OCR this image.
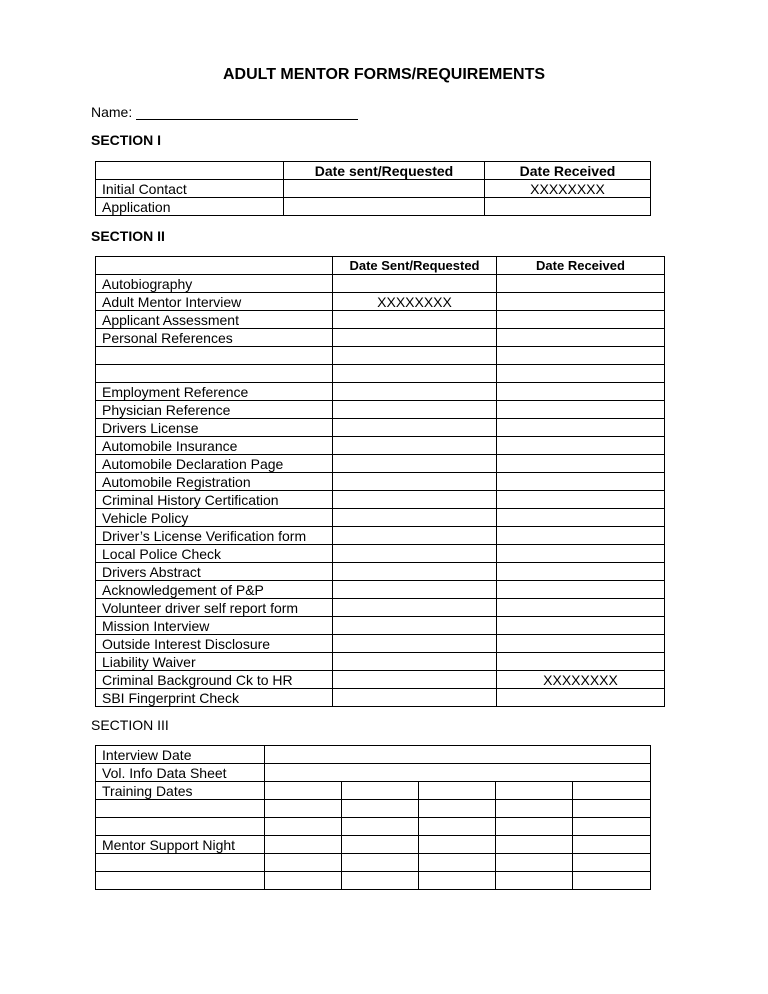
ADULT MENTOR FORMS/REQUIREMENTS
Name:
SECTION I
	Date sent/Requested	Date Received
Initial Contact		XXXXXXXX
Application		
SECTION II
	Date Sent/Requested	Date Received
Autobiography		
Adult Mentor Interview	XXXXXXXX	
Applicant Assessment		
Personal References		

Employment Reference		
Physician Reference		
Drivers License		
Automobile Insurance		
Automobile Declaration Page		
Automobile Registration		
Criminal History Certification		
Vehicle Policy		
Driver’s License Verification form		
Local Police Check		
Drivers Abstract		
Acknowledgement of P&P		
Volunteer driver self report form		
Mission Interview		
Outside Interest Disclosure		
Liability Waiver		
Criminal Background Ck to HR		XXXXXXXX
SBI Fingerprint Check		
SECTION III
Interview Date					
Vol. Info Data Sheet					
Training Dates					

Mentor Support Night					
